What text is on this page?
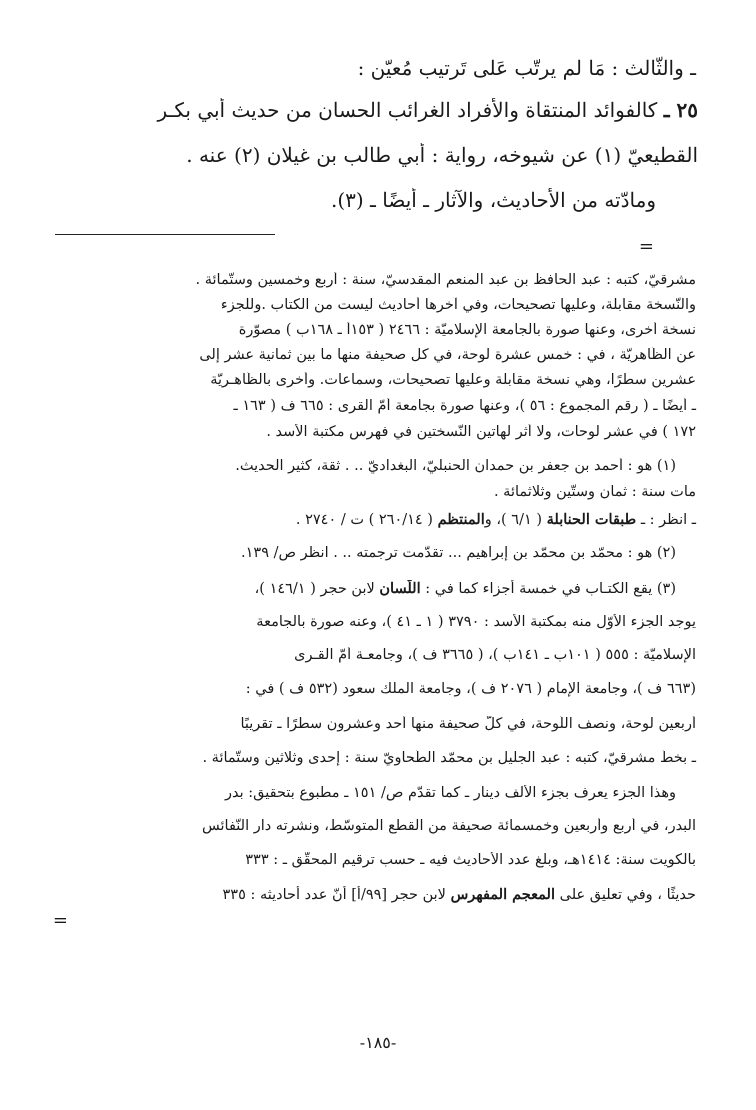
ـ والثّالث : مَا لم يرتّب عَلى تَرتيب مُعيّن :
٢٥ ـ كالفوائد المنتقاة والأفراد الغرائب الحسان من حديث أبي بكـر
القطيعيّ (١) عن شيوخه، رواية : أبي طالب بن غيلان (٢) عنه .
ومادّته من الأحاديث، والآثار ـ أيضًا ـ (٣).
=
مشرقيّ، كتبه : عبد الحافظ بن عبد المنعم المقدسيّ، سنة : أربع وخمسين وستّمائة .
والنّسخة مقابلة، وعليها تصحيحات، وفي آخرها أحاديث ليست من الكتاب .وللجزء
نسخة أخرى، وعنها صورة بالجامعة الإسلاميّة : ٢٤٦٦ ( ١٥٣أ ـ ١٦٨ب ) مصوّرة
عن الظّاهريّة ، في : خمس عشرة لوحة، في كل صحيفة منها ما بين ثمانية عشر إلى
عشرين سطرًا، وهي نسخة مقابلة وعليها تصحيحات، وسماعات. وأخرى بالظّاهـريّة
ـ أيضًا ـ ( رقم المجموع : ٥٦ )، وعنها صورة بجامعة أمّ القرى : ٦٦٥ ف ( ١٦٣ ـ
١٧٢ ) في عشر لوحات، ولا أثر لهاتين النّسختين في فهرس مكتبة الأسد .
(١) هو : أحمد بن جعفر بن حمدان الحنبليّ، البغداديّ .. . ثقة، كثير الحديث.
مات سنة : ثمان وستّين وثلاثمائة .
ـ انظر : ـ طبقات الحنابلة ( ٦/١ )، والمنتظم ( ٢٦٠/١٤ ) ت / ٢٧٤٠ .
(٢) هو : محمّد بن محمّد بن إبراهيم ... تقدّمت ترجمته .. . انظر ص/ ١٣٩.
(٣) يقع الكتـاب في خمسة أجزاء كما في : اللّسان لابن حجر ( ١٤٦/١ )،
يوجد الجزء الأوّل منه بمكتبة الأسد : ٣٧٩٠ ( ١ ـ ٤١ )، وعنه صورة بالجامعة
الإسلاميّة : ٥٥٥ ( ١٠١ب ـ ١٤١ب )، ( ٣٦٦٥ ف )، وجامعـة أمّ القـرى
(٦٦٣ ف )، وجامعة الإمام ( ٢٠٧٦ ف )، وجامعة الملك سعود (٥٣٢ ف ) في :
أربعين لوحة، ونصف اللّوحة، في كلّ صحيفة منها أحد وعشرون سطرًا ـ تقريبًا
ـ بخطّ مشرقيّ، كتبه : عبد الجليل بن محمّد الطّحاويّ سنة : إحدى وثلاثين وستّمائة .
وهذا الجزء يعرف بجزء الألف دينار ـ كما تقدّم ص/ ١٥١ ـ مطبوع بتحقيق: بدر
البدر، في أربع وأربعين وخمسمائة صحيفة من القطع المتوسّط، ونشرته دار النّفائس
بالكويت سنة: ١٤١٤هـ، وبلغ عدد الأحاديث فيه ـ حسب ترقيم المحقّق ـ : ٣٣٣
حديثًا ، وفي تعليق على المعجم المفهرس لابن حجر [٩٩/أ] أنّ عدد أحاديثه : ٣٣٥
=
-١٨٥-
